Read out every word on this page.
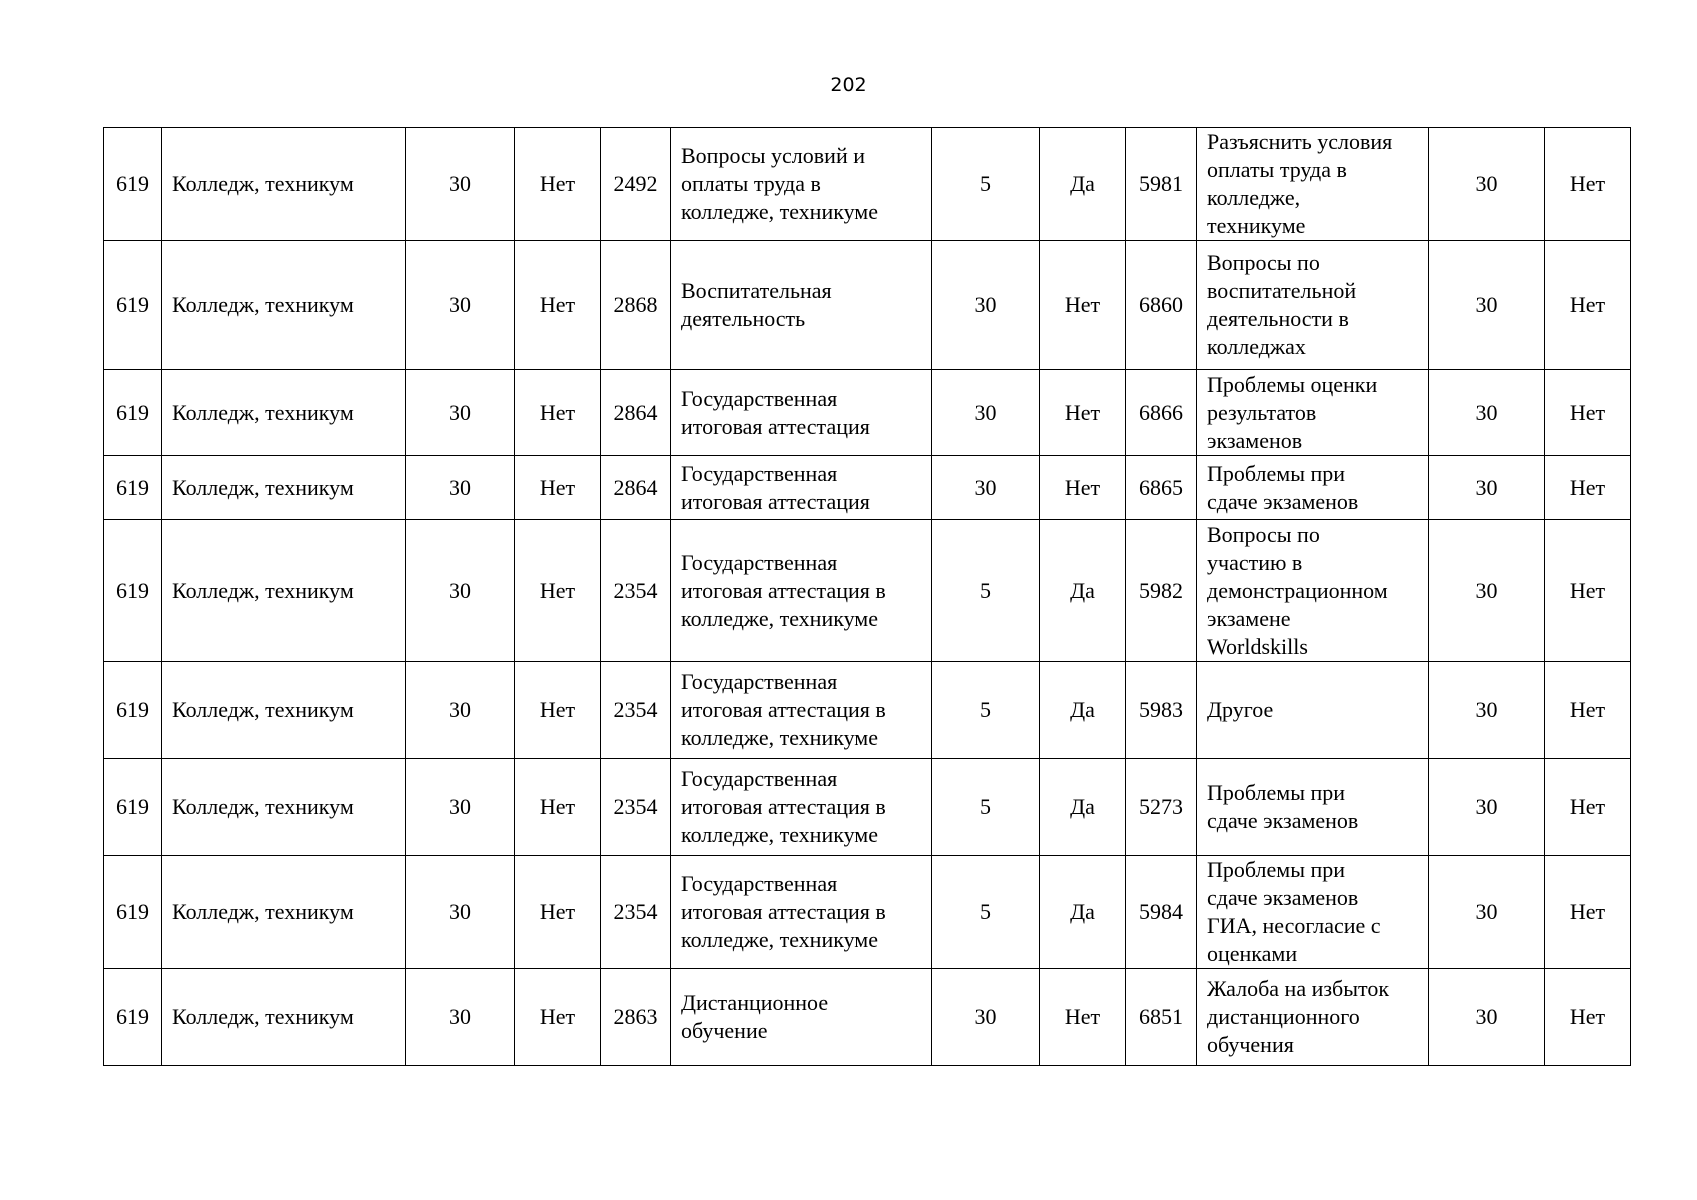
202
619	Колледж, техникум	30	Нет	2492	Вопросы условий и
оплаты труда в
колледже, техникуме	5	Да	5981	Разъяснить условия
оплаты труда в
колледже,
техникуме	30	Нет
619	Колледж, техникум	30	Нет	2868	Воспитательная
деятельность	30	Нет	6860	Вопросы по
воспитательной
деятельности в
колледжах	30	Нет
619	Колледж, техникум	30	Нет	2864	Государственная
итоговая аттестация	30	Нет	6866	Проблемы оценки
результатов
экзаменов	30	Нет
619	Колледж, техникум	30	Нет	2864	Государственная
итоговая аттестация	30	Нет	6865	Проблемы при
сдаче экзаменов	30	Нет
619	Колледж, техникум	30	Нет	2354	Государственная
итоговая аттестация в
колледже, техникуме	5	Да	5982	Вопросы по
участию в
демонстрационном
экзамене
Worldskills	30	Нет
619	Колледж, техникум	30	Нет	2354	Государственная
итоговая аттестация в
колледже, техникуме	5	Да	5983	Другое	30	Нет
619	Колледж, техникум	30	Нет	2354	Государственная
итоговая аттестация в
колледже, техникуме	5	Да	5273	Проблемы при
сдаче экзаменов	30	Нет
619	Колледж, техникум	30	Нет	2354	Государственная
итоговая аттестация в
колледже, техникуме	5	Да	5984	Проблемы при
сдаче экзаменов
ГИА, несогласие с
оценками	30	Нет
619	Колледж, техникум	30	Нет	2863	Дистанционное
обучение	30	Нет	6851	Жалоба на избыток
дистанционного
обучения	30	Нет
